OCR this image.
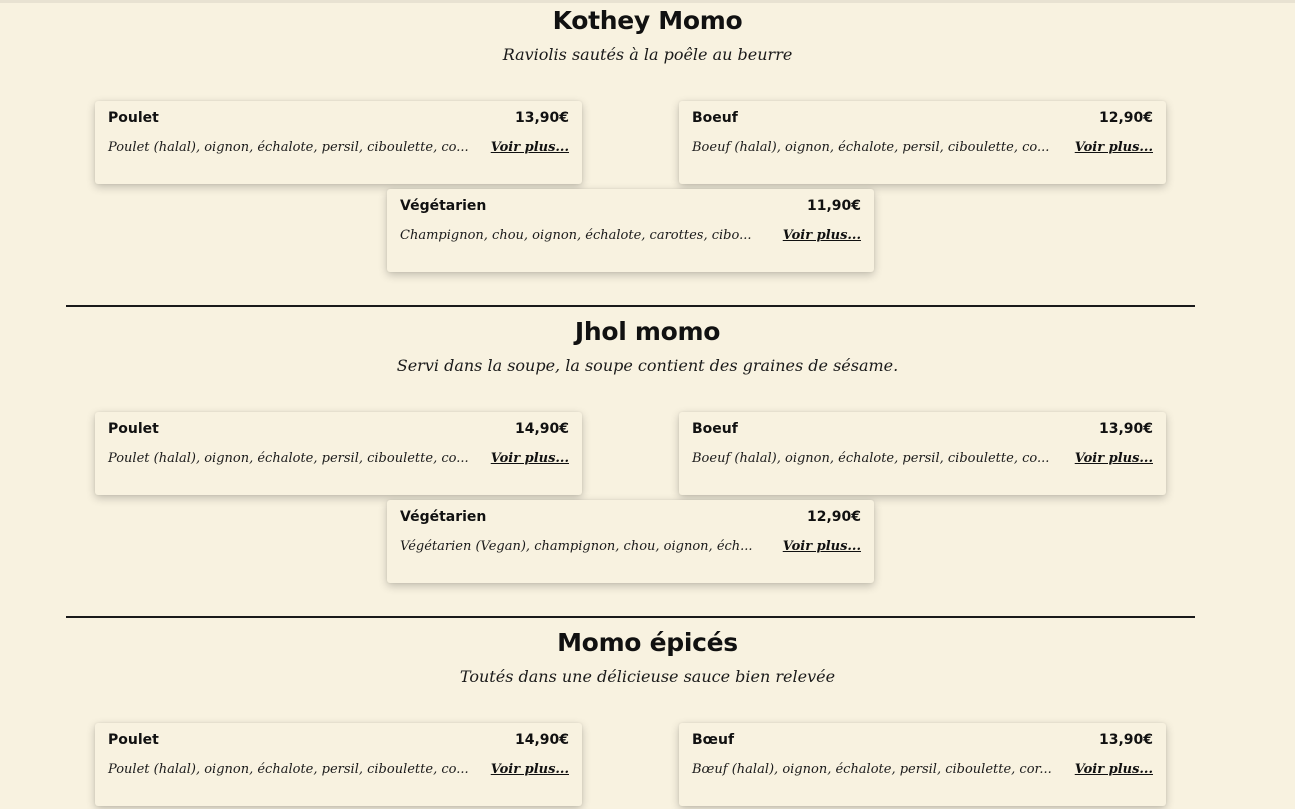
Kothey Momo

Raviolis sautés à la poêle au beurre

Poulet	13,90€
Poulet (halal), oignon, échalote, persil, ciboulette, co... Voir plus...
Boeuf	12,90€
Boeuf (halal), oignon, échalote, persil, ciboulette, co... Voir plus...
Végétarien	11,90€
Champignon, chou, oignon, échalote, carottes, cibo... Voir plus...
Jhol momo

Servi dans la soupe, la soupe contient des graines de sésame.

Poulet	14,90€
Poulet (halal), oignon, échalote, persil, ciboulette, co... Voir plus...
Boeuf	13,90€
Boeuf (halal), oignon, échalote, persil, ciboulette, co... Voir plus...
Végétarien	12,90€
Végétarien (Vegan), champignon, chou, oignon, éch... Voir plus...
Momo épicés

Toutés dans une délicieuse sauce bien relevée

Poulet	14,90€
Poulet (halal), oignon, échalote, persil, ciboulette, co... Voir plus...
Bœuf	13,90€
Bœuf (halal), oignon, échalote, persil, ciboulette, cor... Voir plus...
